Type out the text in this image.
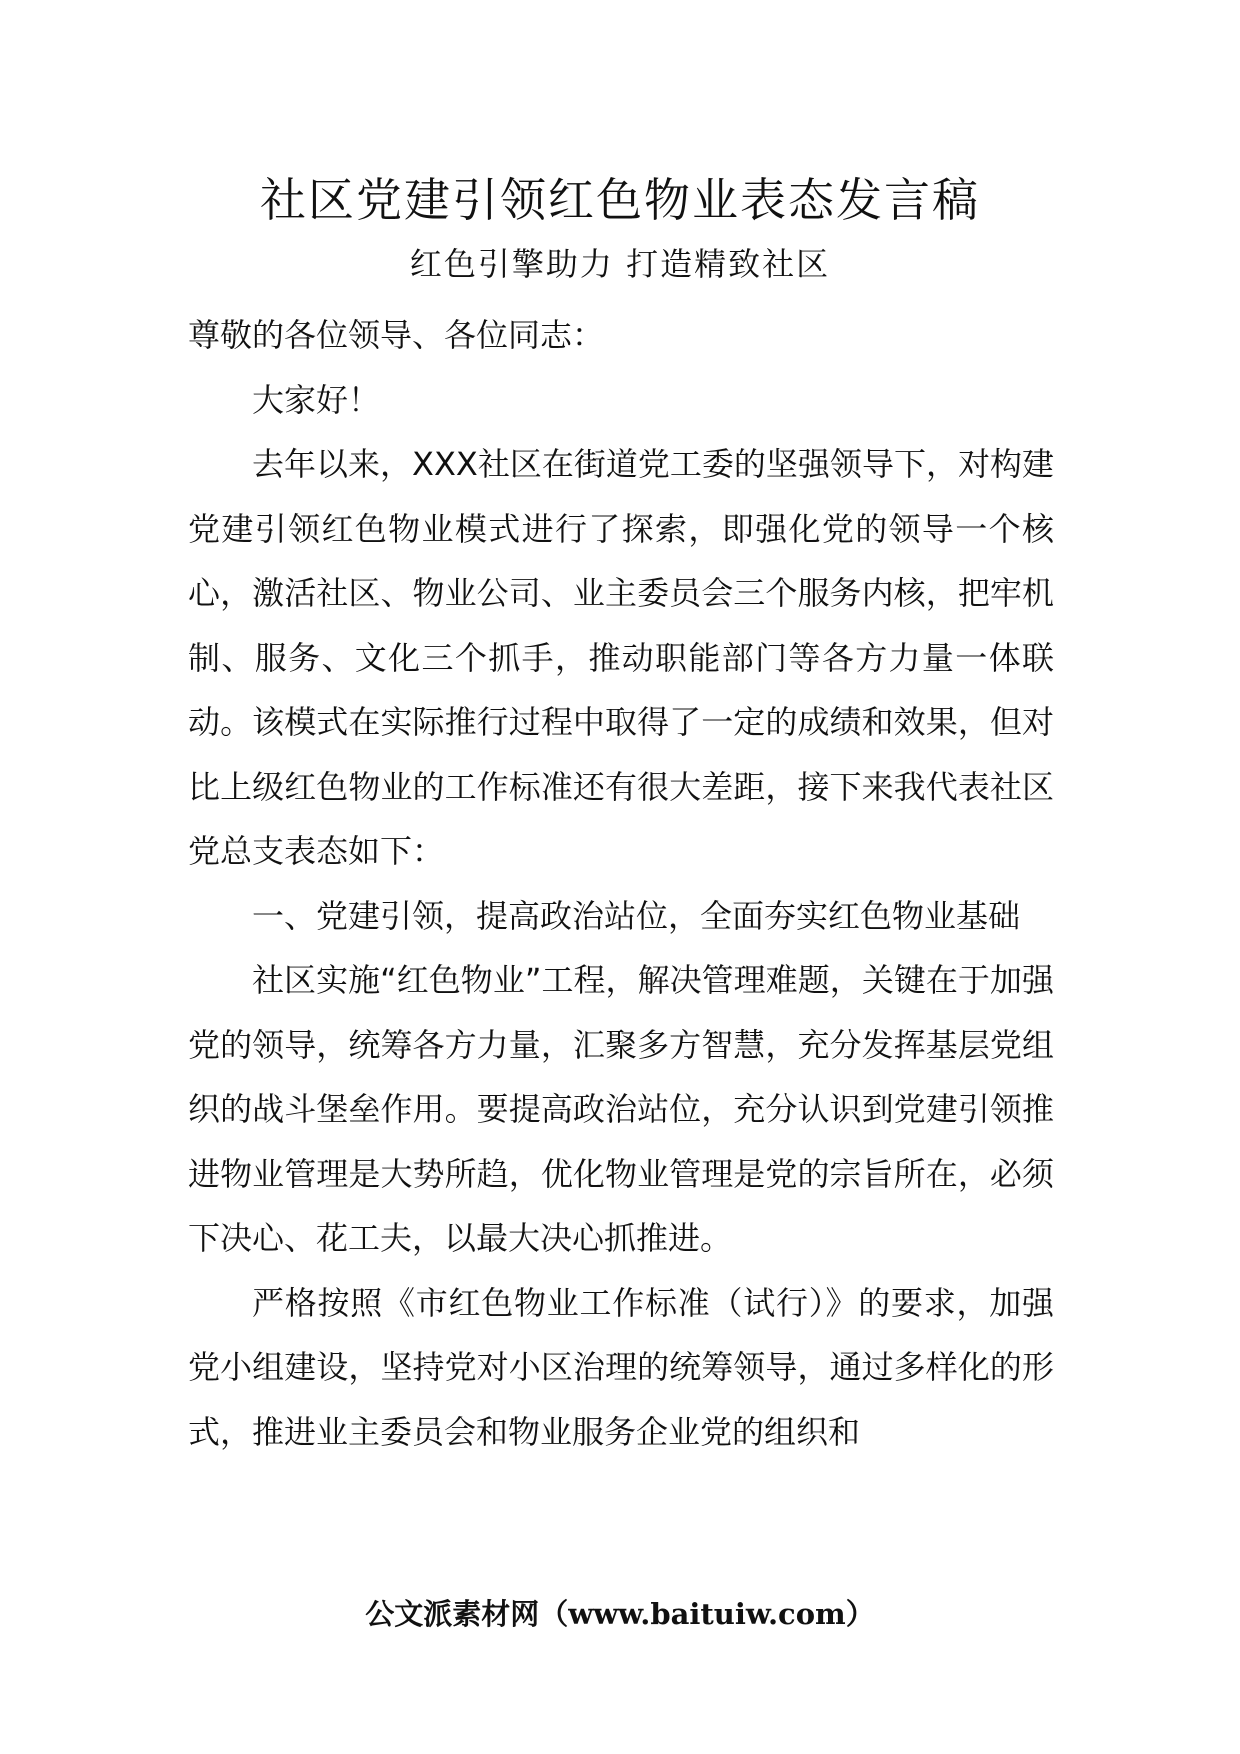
社区党建引领红色物业表态发言稿
红色引擎助力 打造精致社区

尊敬的各位领导、各位同志：

大家好！

去年以来，XXX社区在街道党工委的坚强领导下，对构建党建引领红色物业模式进行了探索，即强化党的领导一个核心，激活社区、物业公司、业主委员会三个服务内核，把牢机制、服务、文化三个抓手，推动职能部门等各方力量一体联动。该模式在实际推行过程中取得了一定的成绩和效果，但对比上级红色物业的工作标准还有很大差距，接下来我代表社区党总支表态如下：

一、党建引领，提高政治站位，全面夯实红色物业基础

社区实施“红色物业”工程，解决管理难题，关键在于加强党的领导，统筹各方力量，汇聚多方智慧，充分发挥基层党组织的战斗堡垒作用。要提高政治站位，充分认识到党建引领推进物业管理是大势所趋，优化物业管理是党的宗旨所在，必须下决心、花工夫，以最大决心抓推进。

严格按照《市红色物业工作标准（试行）》的要求，加强党小组建设，坚持党对小区治理的统筹领导，通过多样化的形式，推进业主委员会和物业服务企业党的组织和

公文派素材网（www.baituiw.com）
